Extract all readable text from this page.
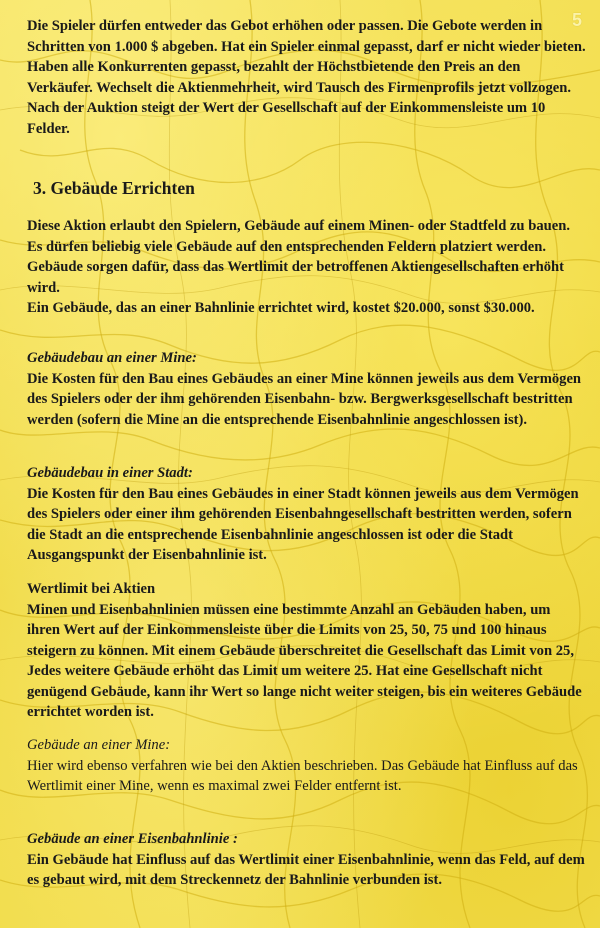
5

Die Spieler dürfen entweder das Gebot erhöhen oder passen. Die Gebote werden in Schritten von 1.000 $ abgeben. Hat ein Spieler einmal gepasst, darf er nicht wieder bieten. Haben alle Konkurrenten gepasst, bezahlt der Höchstbietende den Preis an den Verkäufer. Wechselt die Aktienmehrheit, wird Tausch des Firmenprofils jetzt vollzogen. Nach der Auktion steigt der Wert der Gesellschaft auf der Einkommensleiste um 10 Felder.

3. Gebäude Errichten

Diese Aktion erlaubt den Spielern, Gebäude auf einem Minen- oder Stadtfeld zu bauen. Es dürfen beliebig viele Gebäude auf den entsprechenden Feldern platziert werden. Gebäude sorgen dafür, dass das Wertlimit der betroffenen Aktiengesellschaften erhöht wird.

Ein Gebäude, das an einer Bahnlinie errichtet wird, kostet $20.000, sonst $30.000.

Gebäudebau an einer Mine:

Die Kosten für den Bau eines Gebäudes an einer Mine können jeweils aus dem Vermögen des Spielers oder der ihm gehörenden Eisenbahn- bzw. Bergwerksgesellschaft bestritten werden (sofern die Mine an die entsprechende Eisenbahnlinie angeschlossen ist).

Gebäudebau in einer Stadt:

Die Kosten für den Bau eines Gebäudes in einer Stadt können jeweils aus dem Vermögen des Spielers oder einer ihm gehörenden Eisenbahngesellschaft bestritten werden, sofern die Stadt an die entsprechende Eisenbahnlinie angeschlossen ist oder die Stadt Ausgangspunkt der Eisenbahnlinie ist.

Wertlimit bei Aktien

Minen und Eisenbahnlinien müssen eine bestimmte Anzahl an Gebäuden haben, um ihren Wert auf der Einkommensleiste über die Limits von 25, 50, 75 und 100 hinaus steigern zu können. Mit einem Gebäude überschreitet die Gesellschaft das Limit von 25, Jedes weitere Gebäude erhöht das Limit um weitere 25. Hat eine Gesellschaft nicht genügend Gebäude, kann ihr Wert so lange nicht weiter steigen, bis ein weiteres Gebäude errichtet worden ist.

Gebäude an einer Mine:

Hier wird ebenso verfahren wie bei den Aktien beschrieben. Das Gebäude hat Einfluss auf das Wertlimit einer Mine, wenn es maximal zwei Felder entfernt ist.

Gebäude an einer Eisenbahnlinie :

Ein Gebäude hat Einfluss auf das Wertlimit einer Eisenbahnlinie, wenn das Feld, auf dem es gebaut wird, mit dem Streckennetz der Bahnlinie verbunden ist.
